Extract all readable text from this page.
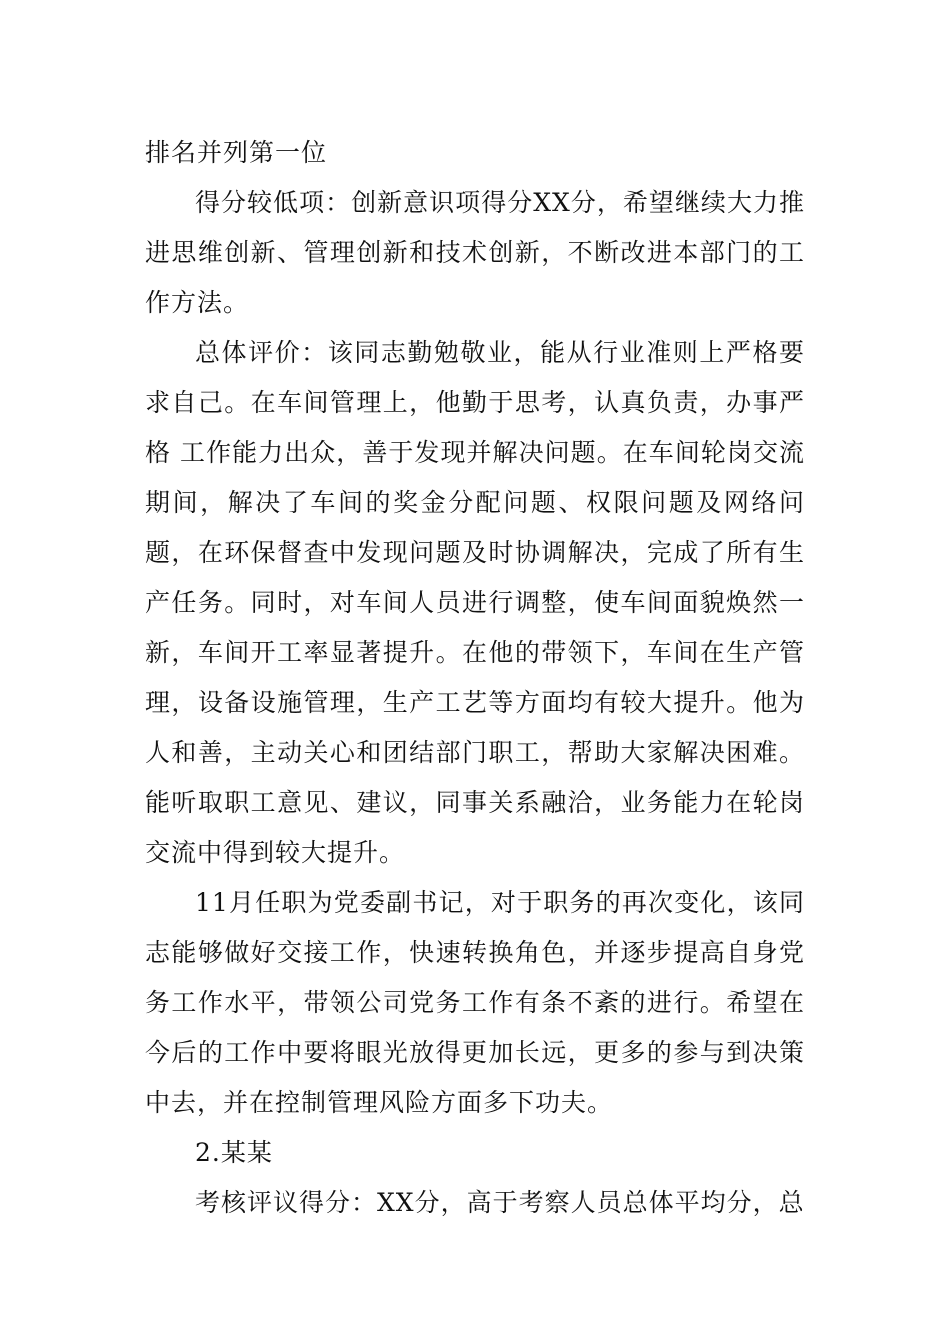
排名并列第一位

得分较低项：创新意识项得分XX分，希望继续大力推进思维创新、管理创新和技术创新，不断改进本部门的工作方法。

总体评价：该同志勤勉敬业，能从行业准则上严格要求自己。在车间管理上，他勤于思考，认真负责，办事严格 工作能力出众，善于发现并解决问题。在车间轮岗交流期间，解决了车间的奖金分配问题、权限问题及网络问题，在环保督查中发现问题及时协调解决，完成了所有生产任务。同时，对车间人员进行调整，使车间面貌焕然一新，车间开工率显著提升。在他的带领下，车间在生产管理，设备设施管理，生产工艺等方面均有较大提升。他为人和善，主动关心和团结部门职工，帮助大家解决困难。能听取职工意见、建议，同事关系融洽，业务能力在轮岗交流中得到较大提升。

11月任职为党委副书记，对于职务的再次变化，该同志能够做好交接工作，快速转换角色，并逐步提高自身党务工作水平，带领公司党务工作有条不紊的进行。希望在今后的工作中要将眼光放得更加长远，更多的参与到决策中去，并在控制管理风险方面多下功夫。

2.某某

考核评议得分：XX分，高于考察人员总体平均分，总
